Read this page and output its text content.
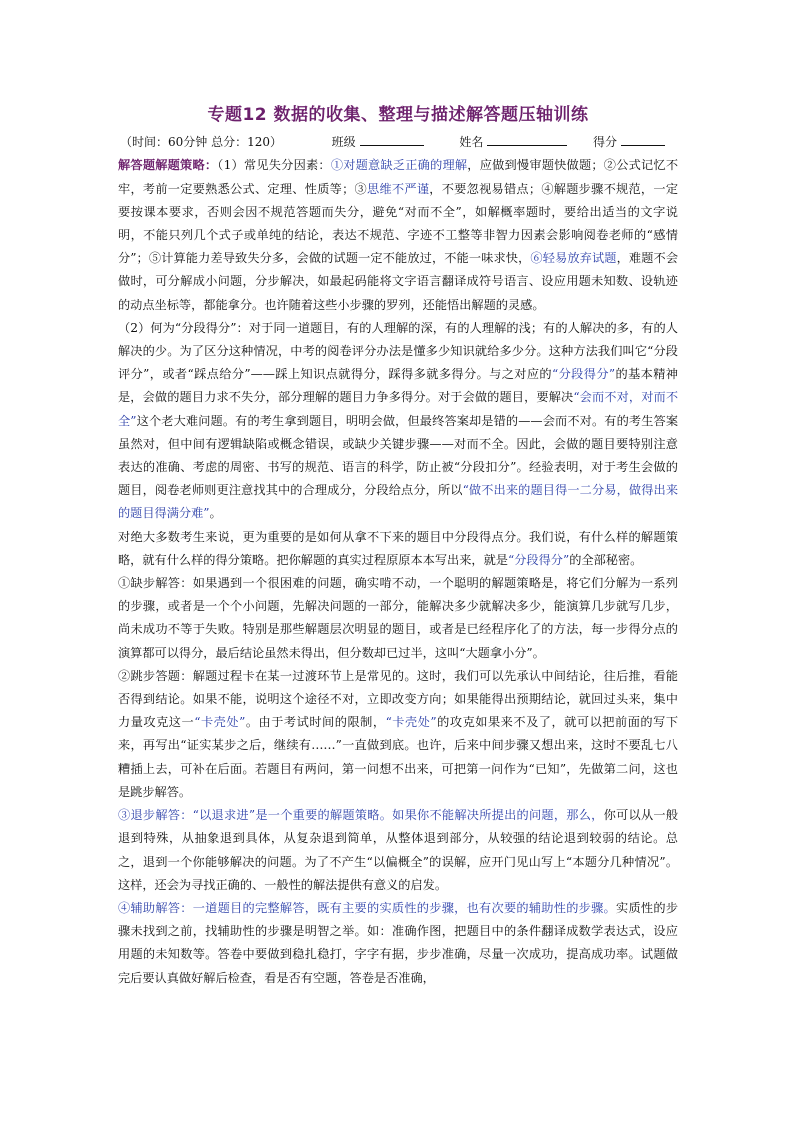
专题12 数据的收集、整理与描述解答题压轴训练
（时间：60分钟 总分：120）	班级	姓名	得分

解答题解题策略：（1）常见失分因素：①对题意缺乏正确的理解，应做到慢审题快做题；②公式记忆不牢，考前一定要熟悉公式、定理、性质等；③思维不严谨，不要忽视易错点；④解题步骤不规范，一定要按课本要求，否则会因不规范答题而失分，避免“对而不全”，如解概率题时，要给出适当的文字说明，不能只列几个式子或单纯的结论，表达不规范、字迹不工整等非智力因素会影响阅卷老师的“感情分”；⑤计算能力差导致失分多，会做的试题一定不能放过，不能一味求快，⑥轻易放弃试题，难题不会做时，可分解成小问题，分步解决，如最起码能将文字语言翻译成符号语言、设应用题未知数、设轨迹的动点坐标等，都能拿分。也许随着这些小步骤的罗列，还能悟出解题的灵感。

（2）何为“分段得分”：对于同一道题目，有的人理解的深，有的人理解的浅；有的人解决的多，有的人解决的少。为了区分这种情况，中考的阅卷评分办法是懂多少知识就给多少分。这种方法我们叫它“分段评分”，或者“踩点给分”——踩上知识点就得分，踩得多就多得分。与之对应的“分段得分”的基本精神是，会做的题目力求不失分，部分理解的题目力争多得分。对于会做的题目，要解决“会而不对，对而不全”这个老大难问题。有的考生拿到题目，明明会做，但最终答案却是错的——会而不对。有的考生答案虽然对，但中间有逻辑缺陷或概念错误，或缺少关键步骤——对而不全。因此，会做的题目要特别注意表达的准确、考虑的周密、书写的规范、语言的科学，防止被“分段扣分”。经验表明，对于考生会做的题目，阅卷老师则更注意找其中的合理成分，分段给点分，所以“做不出来的题目得一二分易，做得出来的题目得满分难”。

对绝大多数考生来说，更为重要的是如何从拿不下来的题目中分段得点分。我们说，有什么样的解题策略，就有什么样的得分策略。把你解题的真实过程原原本本写出来，就是“分段得分”的全部秘密。

①缺步解答：如果遇到一个很困难的问题，确实啃不动，一个聪明的解题策略是，将它们分解为一系列的步骤，或者是一个个小问题，先解决问题的一部分，能解决多少就解决多少，能演算几步就写几步，尚未成功不等于失败。特别是那些解题层次明显的题目，或者是已经程序化了的方法，每一步得分点的演算都可以得分，最后结论虽然未得出，但分数却已过半，这叫“大题拿小分”。

②跳步答题：解题过程卡在某一过渡环节上是常见的。这时，我们可以先承认中间结论，往后推，看能否得到结论。如果不能，说明这个途径不对，立即改变方向；如果能得出预期结论，就回过头来，集中力量攻克这一“卡壳处”。由于考试时间的限制，“卡壳处”的攻克如果来不及了，就可以把前面的写下来，再写出“证实某步之后，继续有……”一直做到底。也许，后来中间步骤又想出来，这时不要乱七八糟插上去，可补在后面。若题目有两问，第一问想不出来，可把第一问作为“已知”，先做第二问，这也是跳步解答。

③退步解答：“以退求进”是一个重要的解题策略。如果你不能解决所提出的问题，那么，你可以从一般退到特殊，从抽象退到具体，从复杂退到简单，从整体退到部分，从较强的结论退到较弱的结论。总之，退到一个你能够解决的问题。为了不产生“以偏概全”的误解，应开门见山写上“本题分几种情况”。这样，还会为寻找正确的、一般性的解法提供有意义的启发。

④辅助解答：一道题目的完整解答，既有主要的实质性的步骤，也有次要的辅助性的步骤。实质性的步骤未找到之前，找辅助性的步骤是明智之举。如：准确作图，把题目中的条件翻译成数学表达式，设应用题的未知数等。答卷中要做到稳扎稳打，字字有据，步步准确，尽量一次成功，提高成功率。试题做完后要认真做好解后检查，看是否有空题，答卷是否准确，
